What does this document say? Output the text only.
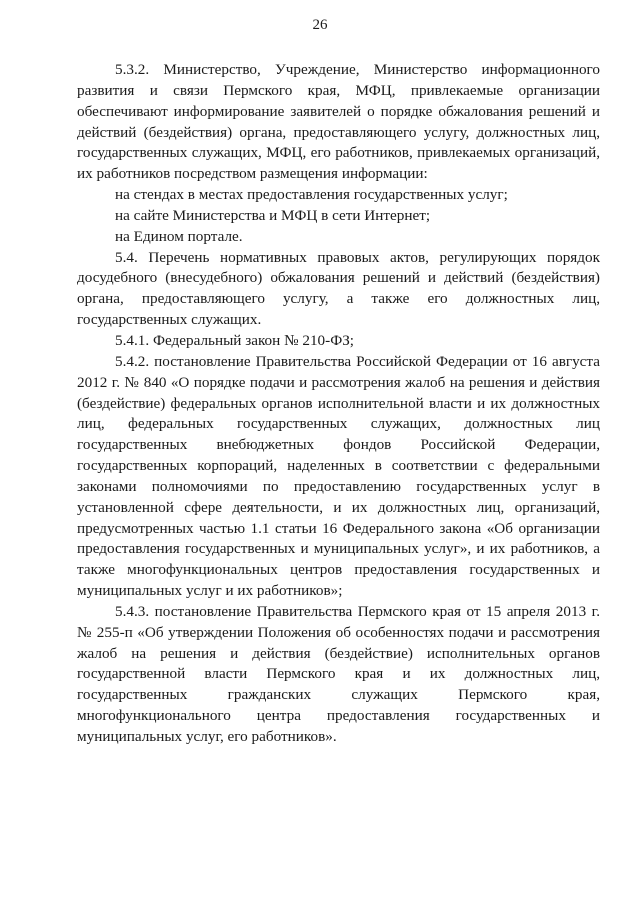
26

5.3.2. Министерство, Учреждение, Министерство информационного развития и связи Пермского края, МФЦ, привлекаемые организации обеспечивают информирование заявителей о порядке обжалования решений и действий (бездействия) органа, предоставляющего услугу, должностных лиц, государственных служащих, МФЦ, его работников, привлекаемых организаций, их работников посредством размещения информации:

на стендах в местах предоставления государственных услуг;

на сайте Министерства и МФЦ в сети Интернет;

на Едином портале.

5.4. Перечень нормативных правовых актов, регулирующих порядок досудебного (внесудебного) обжалования решений и действий (бездействия) органа, предоставляющего услугу, а также его должностных лиц, государственных служащих.

5.4.1. Федеральный закон № 210-ФЗ;

5.4.2. постановление Правительства Российской Федерации от 16 августа 2012 г. № 840 «О порядке подачи и рассмотрения жалоб на решения и действия (бездействие) федеральных органов исполнительной власти и их должностных лиц, федеральных государственных служащих, должностных лиц государственных внебюджетных фондов Российской Федерации, государственных корпораций, наделенных в соответствии с федеральными законами полномочиями по предоставлению государственных услуг в установленной сфере деятельности, и их должностных лиц, организаций, предусмотренных частью 1.1 статьи 16 Федерального закона «Об организации предоставления государственных и муниципальных услуг», и их работников, а также многофункциональных центров предоставления государственных и муниципальных услуг и их работников»;

5.4.3. постановление Правительства Пермского края от 15 апреля 2013 г. № 255-п «Об утверждении Положения об особенностях подачи и рассмотрения жалоб на решения и действия (бездействие) исполнительных органов государственной власти Пермского края и их должностных лиц, государственных гражданских служащих Пермского края, многофункционального центра предоставления государственных и муниципальных услуг, его работников».
